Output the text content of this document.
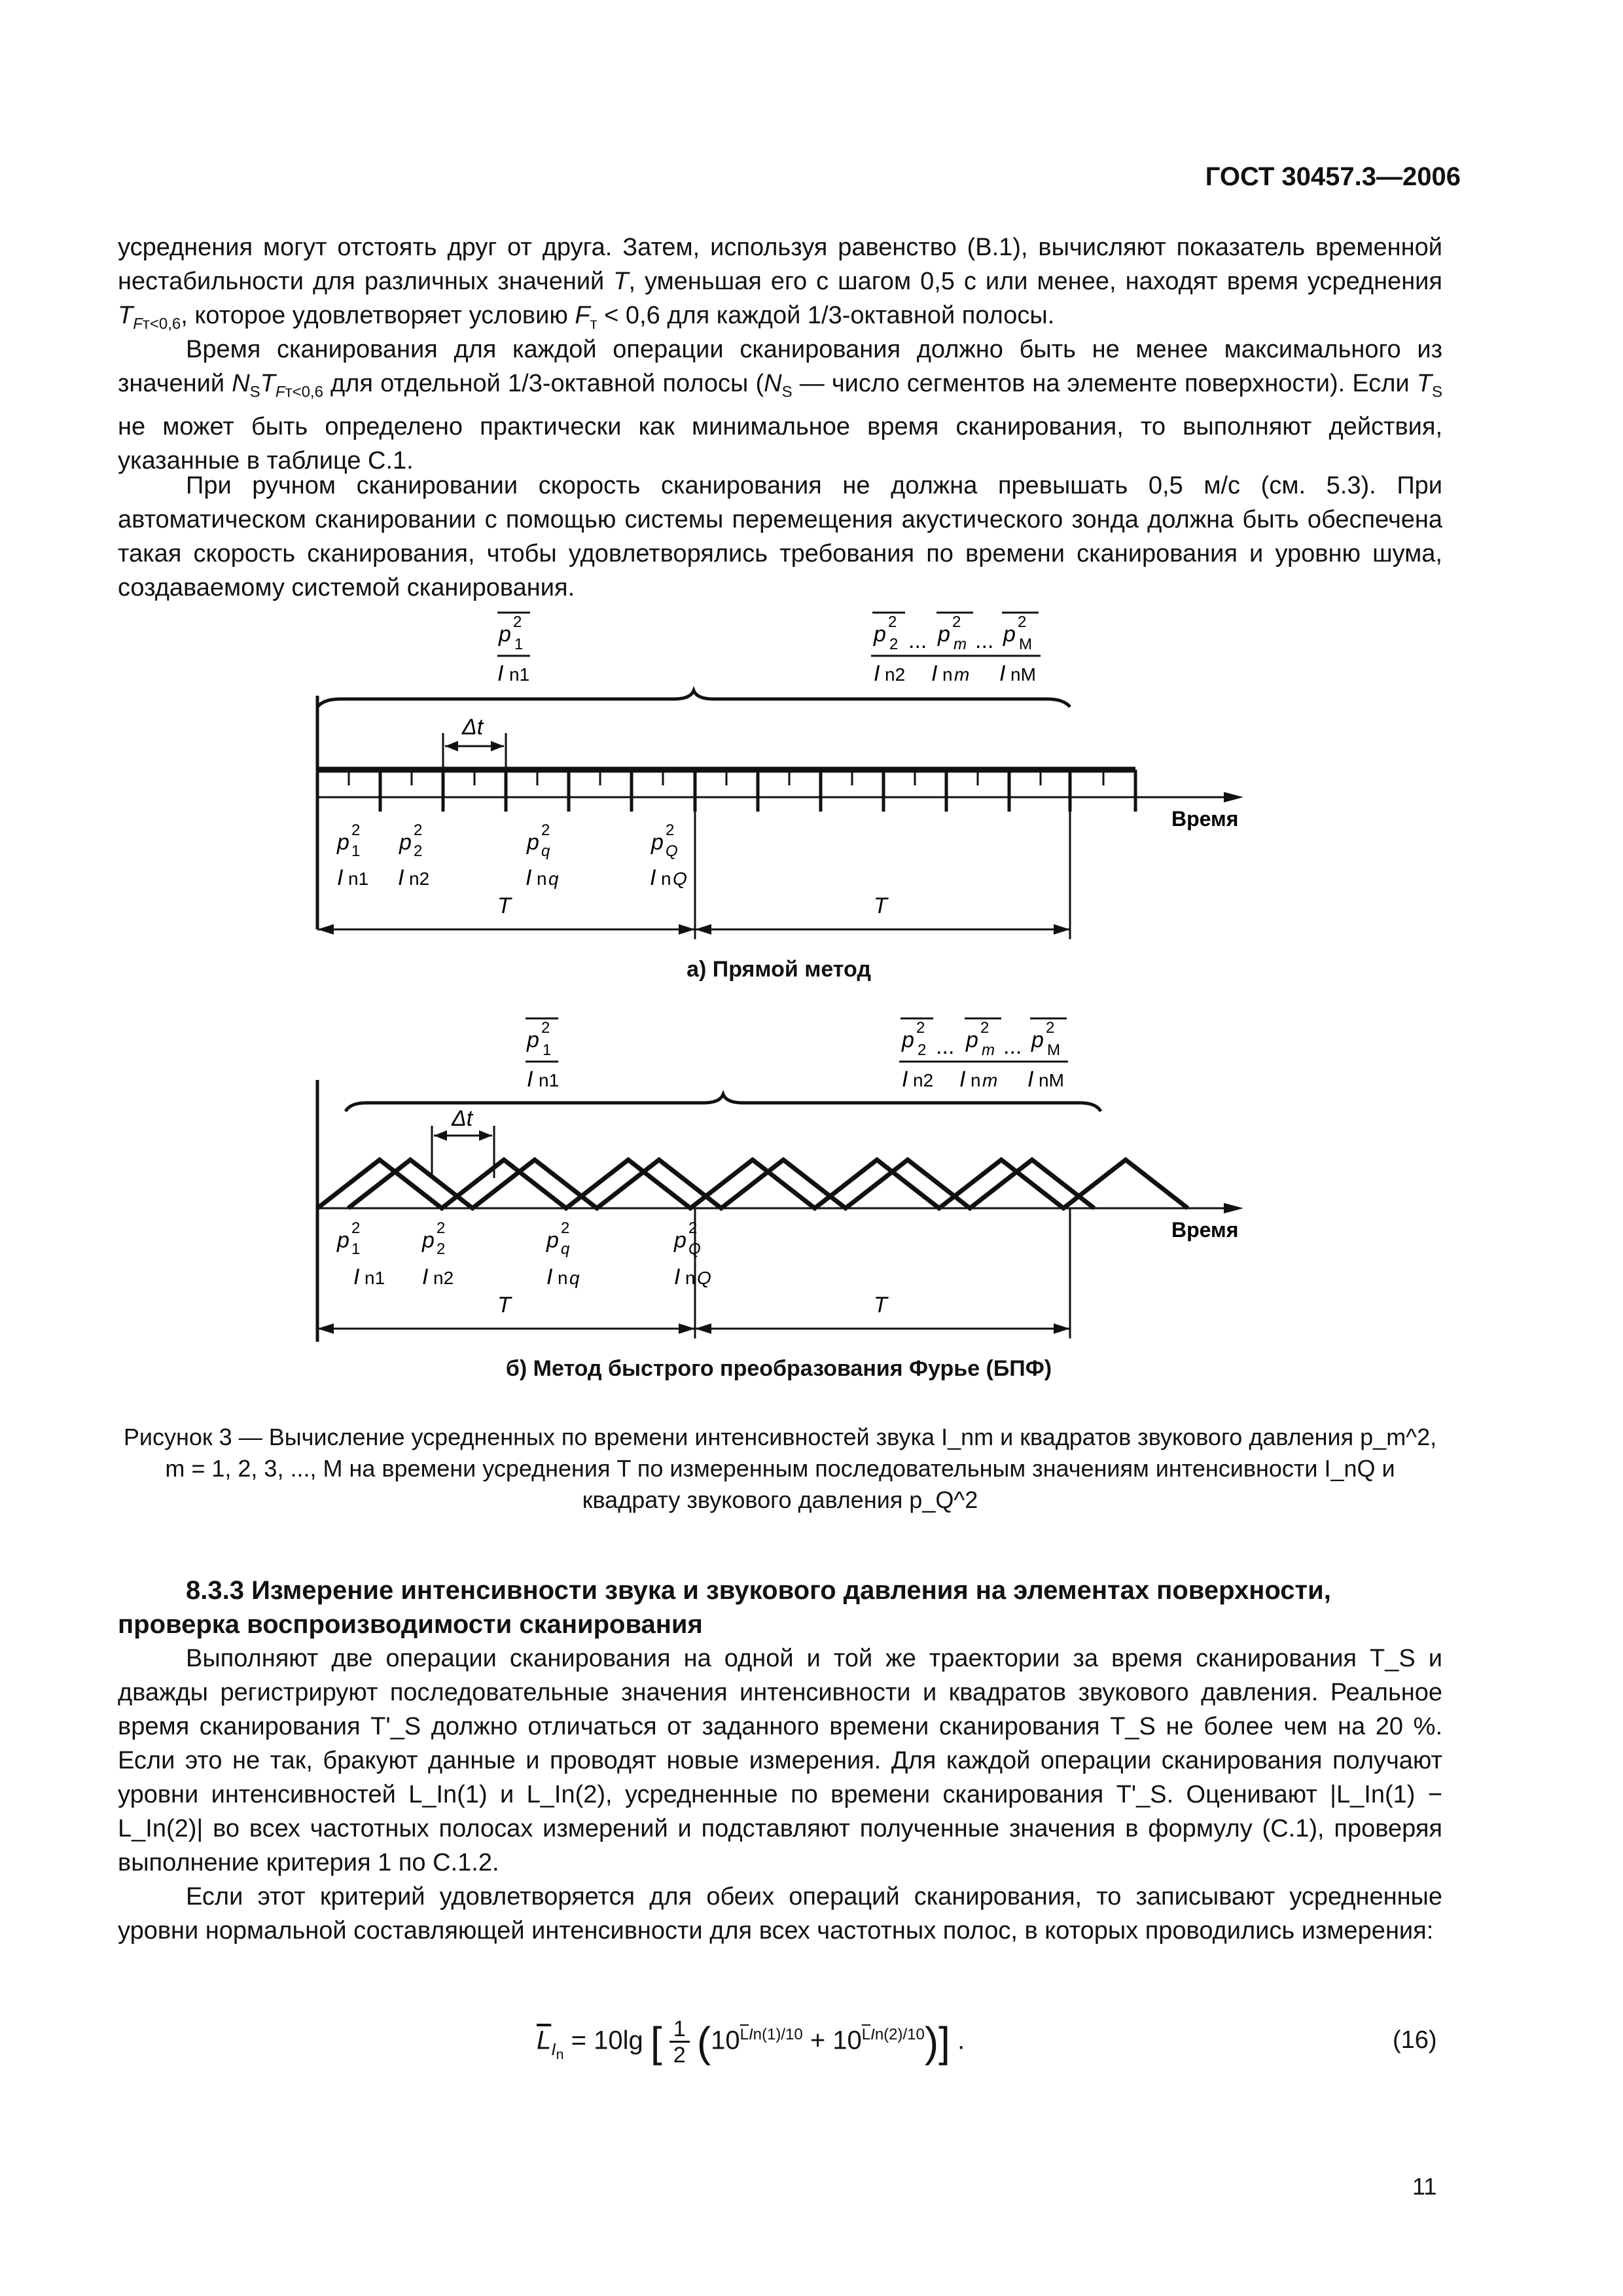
ГОСТ 30457.3—2006
усреднения могут отстоять друг от друга. Затем, используя равенство (В.1), вычисляют показатель временной нестабильности для различных значений T, уменьшая его с шагом 0,5 с или менее, находят время усреднения $T_{Fт<0,6}$, которое удовлетворяет условию $F_т < 0,6$ для каждой 1/3-октавной полосы.
Время сканирования для каждой операции сканирования должно быть не менее максимального из значений $N_ST_{Fт<0,6}$ для отдельной 1/3-октавной полосы ($N_S$ — число сегментов на элементе поверхности). Если $T_S$ не может быть определено практически как минимальное время сканирования, то выполняют действия, указанные в таблице С.1.
При ручном сканировании скорость сканирования не должна превышать 0,5 м/с (см. 5.3). При автоматическом сканировании с помощью системы перемещения акустического зонда должна быть обеспечена такая скорость сканирования, чтобы удовлетворялись требования по времени сканирования и уровню шума, создаваемому системой сканирования.
Δt
Время
T	T
p 2
1
I n1
p 2
2 ... p 2
m ... p 2
M
I n2 I n m I nM
p 2
1 p 2
2	p 2
q	p 2
Q
I n1 I n2	I n q	I n Q
Δt
Время
T	T
p 2
1
I n1
p 2
2 ... p 2
m ... p 2
M
I n2 I n m I nM
p 2
1	p 2
2	p 2
q	p 2
Q
I n1 I n2	I n q	I n Q
а) Прямой метод
б) Метод быстрого преобразования Фурье (БПФ)
Рисунок 3 — Вычисление усредненных по времени интенсивностей звука I_nm и квадратов звукового давления p_m^2,
m = 1, 2, 3, ..., M на времени усреднения T по измеренным последовательным значениям интенсивности I_nQ и
квадрату звукового давления p_Q^2
8.3.3 Измерение интенсивности звука и звукового давления на элементах поверхности, проверка воспроизводимости сканирования
Выполняют две операции сканирования на одной и той же траектории за время сканирования T_S и дважды регистрируют последовательные значения интенсивности и квадратов звукового давления. Реальное время сканирования T'_S должно отличаться от заданного времени сканирования T_S не более чем на 20 %. Если это не так, бракуют данные и проводят новые измерения. Для каждой операции сканирования получают уровни интенсивностей L_In(1) и L_In(2), усредненные по времени сканирования T'_S. Оценивают |L_In(1) − L_In(2)| во всех частотных полосах измерений и подставляют полученные значения в формулу (С.1), проверяя выполнение критерия 1 по С.1.2.
Если этот критерий удовлетворяется для обеих операций сканирования, то записывают усредненные уровни нормальной составляющей интенсивности для всех частотных полос, в которых проводились измерения:
$\overline{L}_{I_n} = 10\lg$ [ 1
2 $(10^{\overline{L}In(1)/10} + 10^{\overline{L}In(2)/10})$] .	(16)
11
